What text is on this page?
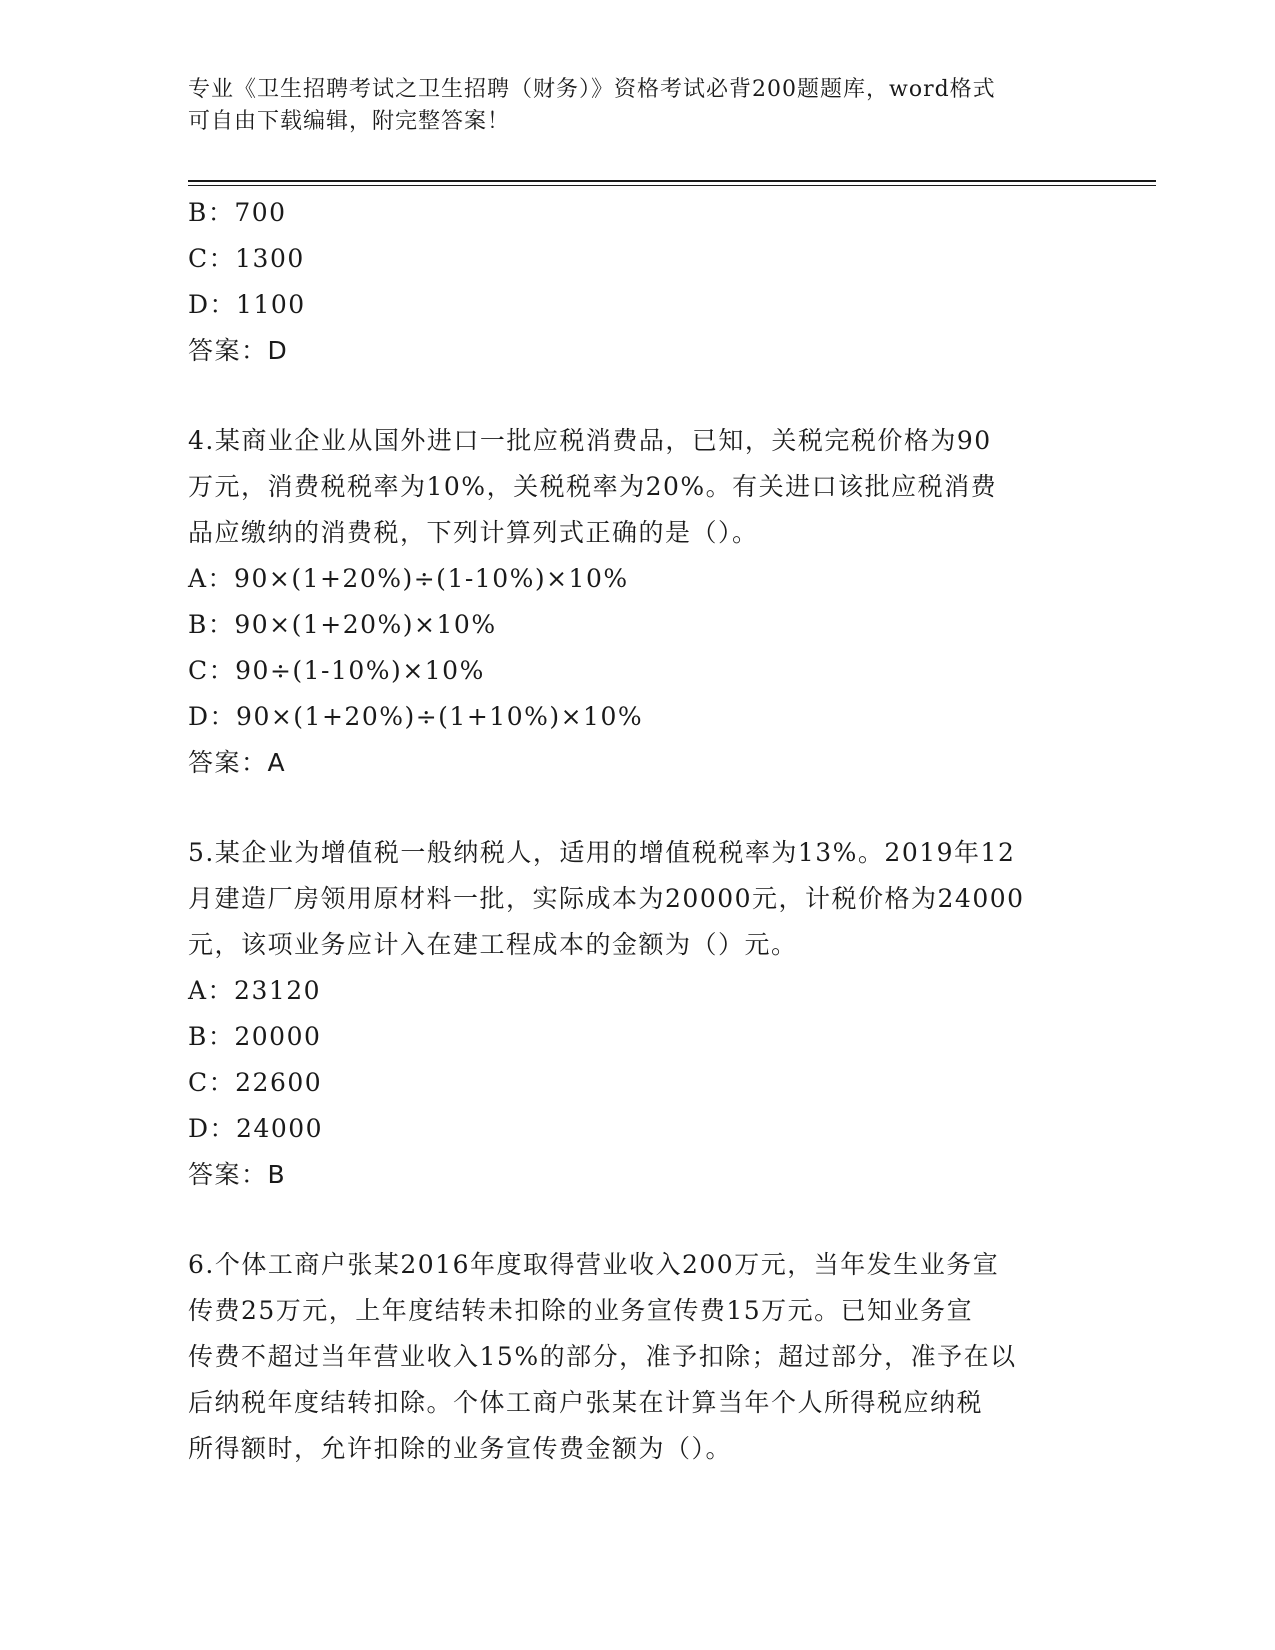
专业《卫生招聘考试之卫生招聘（财务）》资格考试必背200题题库，word格式
可自由下载编辑，附完整答案！
B：700
C：1300
D：1100
答案：D
4.某商业企业从国外进口一批应税消费品，已知，关税完税价格为90
万元，消费税税率为10%，关税税率为20%。有关进口该批应税消费
品应缴纳的消费税，下列计算列式正确的是（）。
A：90×(1+20%)÷(1-10%)×10%
B：90×(1+20%)×10%
C：90÷(1-10%)×10%
D：90×(1+20%)÷(1+10%)×10%
答案：A
5.某企业为增值税一般纳税人，适用的增值税税率为13%。2019年12
月建造厂房领用原材料一批，实际成本为20000元，计税价格为24000
元，该项业务应计入在建工程成本的金额为（）元。
A：23120
B：20000
C：22600
D：24000
答案：B
6.个体工商户张某2016年度取得营业收入200万元，当年发生业务宣
传费25万元，上年度结转未扣除的业务宣传费15万元。已知业务宣
传费不超过当年营业收入15%的部分，准予扣除；超过部分，准予在以
后纳税年度结转扣除。个体工商户张某在计算当年个人所得税应纳税
所得额时，允许扣除的业务宣传费金额为（）。
